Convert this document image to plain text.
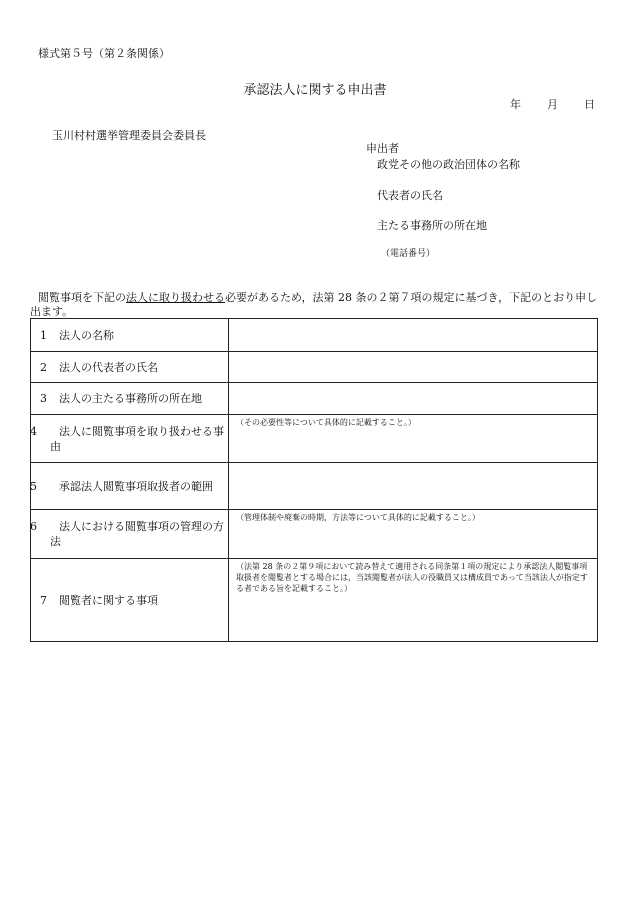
様式第５号（第２条関係）
承認法人に関する申出書
年 月 日
玉川村村選挙管理委員会委員長
申出者
政党その他の政治団体の名称
代表者の氏名
主たる事務所の所在地
（電話番号）
閲覧事項を下記の法人に取り扱わせる必要があるため，法第 28 条の２第７項の規定に基づき，下記のとおり申し出ます。
1 法人の名称	

2 法人の代表者の氏名	

3 法人の主たる事務所の所在地	

4 法人に閲覧事項を取り扱わせる事由	（その必要性等について具体的に記載すること。）

5 承認法人閲覧事項取扱者の範囲	

6 法人における閲覧事項の管理の方法	（管理体制や廃棄の時期，方法等について具体的に記載すること。）

7 閲覧者に関する事項	（法第 28 条の２第９項において読み替えて適用される同条第１項の規定により承認法人閲覧事項取扱者を閲覧者とする場合には，当該閲覧者が法人の役職員又は構成員であって当該法人が指定する者である旨を記載すること。）
